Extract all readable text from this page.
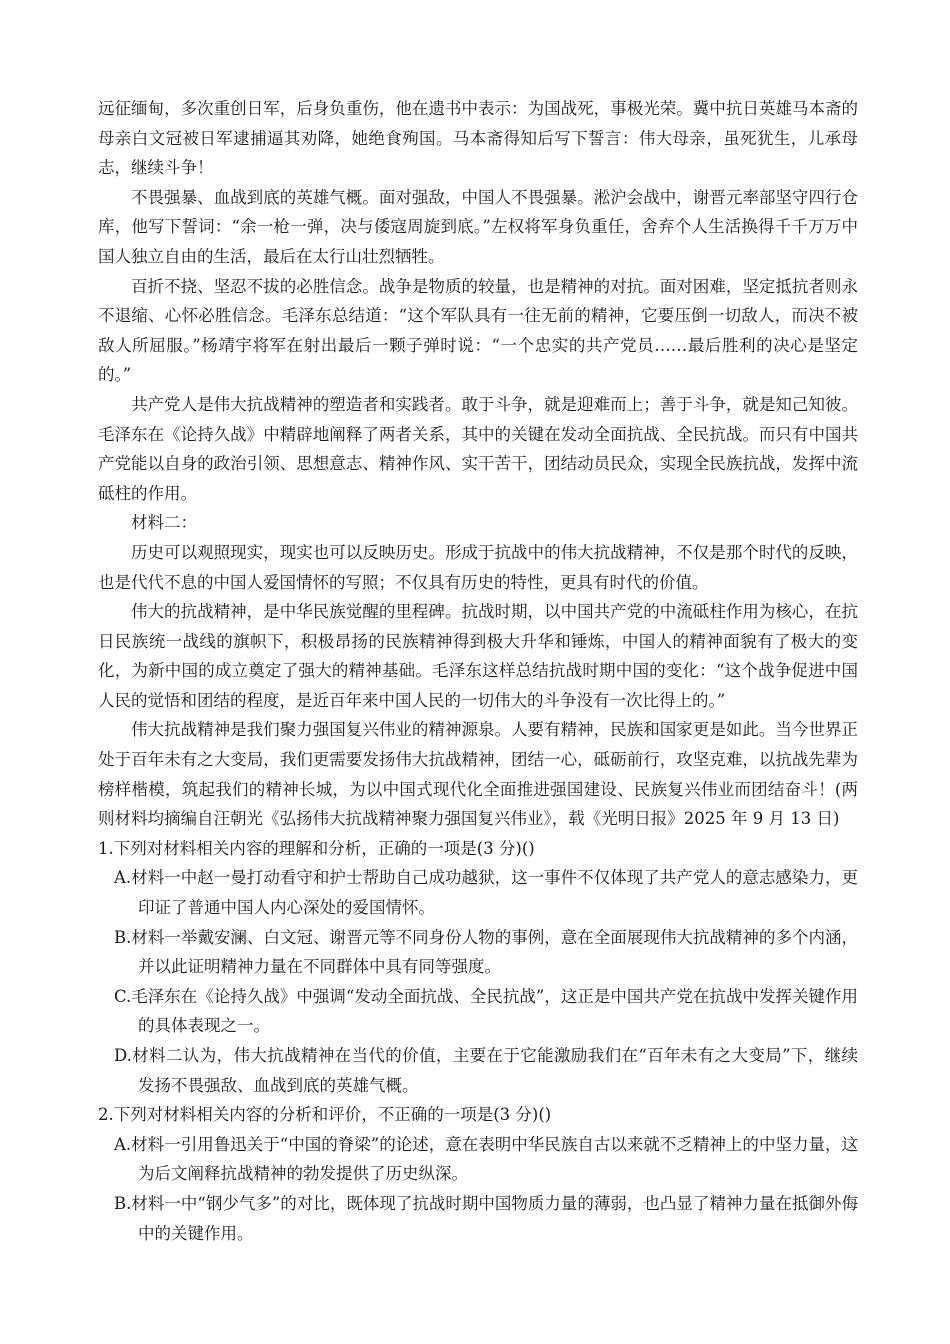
远征缅甸，多次重创日军，后身负重伤，他在遗书中表示：为国战死，事极光荣。冀中抗日英雄马本斋的母亲白文冠被日军逮捕逼其劝降，她绝食殉国。马本斋得知后写下誓言：伟大母亲，虽死犹生，儿承母志，继续斗争！

不畏强暴、血战到底的英雄气概。面对强敌，中国人不畏强暴。淞沪会战中，谢晋元率部坚守四行仓库，他写下誓词：“余一枪一弹，决与倭寇周旋到底。”左权将军身负重任，舍弃个人生活换得千千万万中国人独立自由的生活，最后在太行山壮烈牺牲。

百折不挠、坚忍不拔的必胜信念。战争是物质的较量，也是精神的对抗。面对困难，坚定抵抗者则永不退缩、心怀必胜信念。毛泽东总结道：“这个军队具有一往无前的精神，它要压倒一切敌人，而决不被敌人所屈服。”杨靖宇将军在射出最后一颗子弹时说：“一个忠实的共产党员……最后胜利的决心是坚定的。”

共产党人是伟大抗战精神的塑造者和实践者。敢于斗争，就是迎难而上；善于斗争，就是知己知彼。毛泽东在《论持久战》中精辟地阐释了两者关系，其中的关键在发动全面抗战、全民抗战。而只有中国共产党能以自身的政治引领、思想意志、精神作风、实干苦干，团结动员民众，实现全民族抗战，发挥中流砥柱的作用。

材料二：

历史可以观照现实，现实也可以反映历史。形成于抗战中的伟大抗战精神，不仅是那个时代的反映，也是代代不息的中国人爱国情怀的写照；不仅具有历史的特性，更具有时代的价值。

伟大的抗战精神，是中华民族觉醒的里程碑。抗战时期，以中国共产党的中流砥柱作用为核心，在抗日民族统一战线的旗帜下，积极昂扬的民族精神得到极大升华和锤炼，中国人的精神面貌有了极大的变化，为新中国的成立奠定了强大的精神基础。毛泽东这样总结抗战时期中国的变化：“这个战争促进中国人民的觉悟和团结的程度，是近百年来中国人民的一切伟大的斗争没有一次比得上的。”

伟大抗战精神是我们聚力强国复兴伟业的精神源泉。人要有精神，民族和国家更是如此。当今世界正处于百年未有之大变局，我们更需要发扬伟大抗战精神，团结一心，砥砺前行，攻坚克难，以抗战先辈为榜样楷模，筑起我们的精神长城，为以中国式现代化全面推进强国建设、民族复兴伟业而团结奋斗！(两则材料均摘编自汪朝光《弘扬伟大抗战精神聚力强国复兴伟业》，载《光明日报》2025 年 9 月 13 日)

1.下列对材料相关内容的理解和分析，正确的一项是(3 分)()

A.材料一中赵一曼打动看守和护士帮助自己成功越狱，这一事件不仅体现了共产党人的意志感染力，更印证了普通中国人内心深处的爱国情怀。

B.材料一举戴安澜、白文冠、谢晋元等不同身份人物的事例，意在全面展现伟大抗战精神的多个内涵，并以此证明精神力量在不同群体中具有同等强度。

C.毛泽东在《论持久战》中强调“发动全面抗战、全民抗战”，这正是中国共产党在抗战中发挥关键作用的具体表现之一。

D.材料二认为，伟大抗战精神在当代的价值，主要在于它能激励我们在“百年未有之大变局”下，继续发扬不畏强敌、血战到底的英雄气概。

2.下列对材料相关内容的分析和评价，不正确的一项是(3 分)()

A.材料一引用鲁迅关于“中国的脊梁”的论述，意在表明中华民族自古以来就不乏精神上的中坚力量，这为后文阐释抗战精神的勃发提供了历史纵深。

B.材料一中“钢少气多”的对比，既体现了抗战时期中国物质力量的薄弱，也凸显了精神力量在抵御外侮中的关键作用。
